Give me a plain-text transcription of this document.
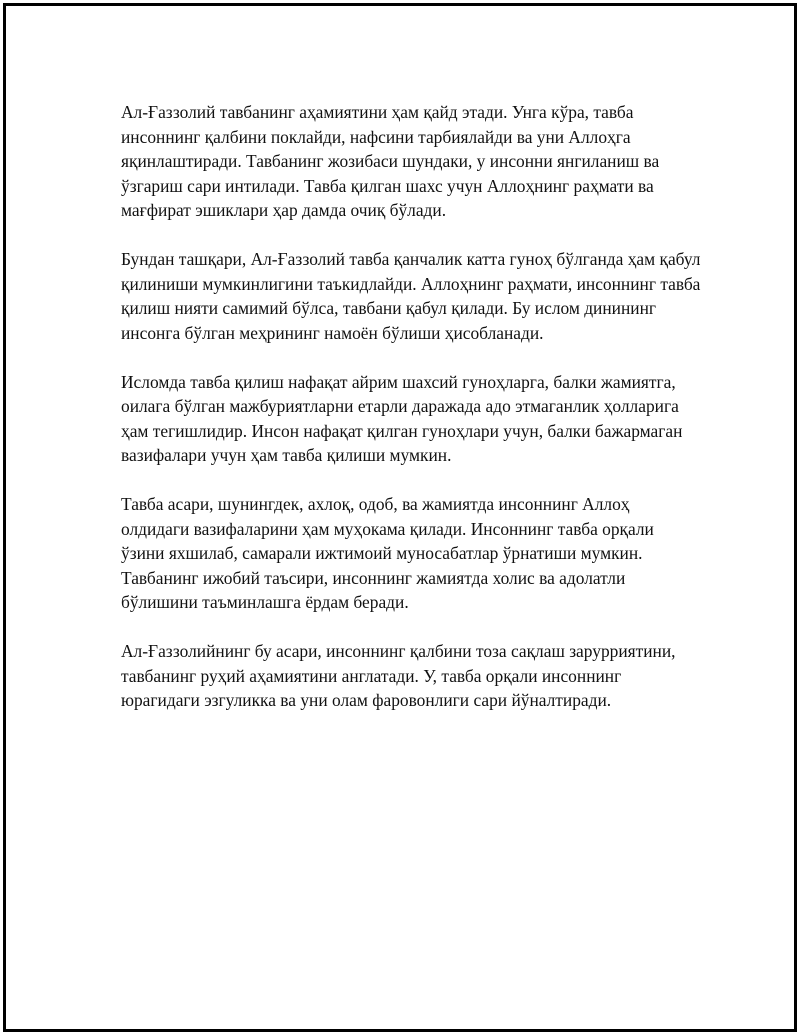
Ал-Ғаззолий тавбанинг аҳамиятини ҳам қайд этади. Унга кўра, тавба инсоннинг қалбини поклайди, нафсини тарбиялайди ва уни Аллоҳга яқинлаштиради. Тавбанинг жозибаси шундаки, у инсонни янгиланиш ва ўзгариш сари интилади. Тавба қилган шахс учун Аллоҳнинг раҳмати ва мағфират эшиклари ҳар дамда очиқ бўлади.

Бундан ташқари, Ал-Ғаззолий тавба қанчалик катта гуноҳ бўлганда ҳам қабул қилиниши мумкинлигини таъкидлайди. Аллоҳнинг раҳмати, инсоннинг тавба қилиш нияти самимий бўлса, тавбани қабул қилади. Бу ислом динининг инсонга бўлган меҳрининг намоён бўлиши ҳисобланади.

Исломда тавба қилиш нафақат айрим шахсий гуноҳларга, балки жамиятга, оилага бўлган мажбуриятларни етарли даражада адо этмаганлик ҳолларига ҳам тегишлидир. Инсон нафақат қилган гуноҳлари учун, балки бажармаган вазифалари учун ҳам тавба қилиши мумкин.

Тавба асари, шунингдек, ахлоқ, одоб, ва жамиятда инсоннинг Аллоҳ олдидаги вазифаларини ҳам муҳокама қилади. Инсоннинг тавба орқали ўзини яхшилаб, самарали ижтимоий муносабатлар ўрнатиши мумкин. Тавбанинг ижобий таъсири, инсоннинг жамиятда холис ва адолатли бўлишини таъминлашга ёрдам беради.

Ал-Ғаззолийнинг бу асари, инсоннинг қалбини тоза сақлаш зарурриятини, тавбанинг руҳий аҳамиятини англатади. У, тавба орқали инсоннинг юрагидаги эзгуликка ва уни олам фаровонлиги сари йўналтиради.
